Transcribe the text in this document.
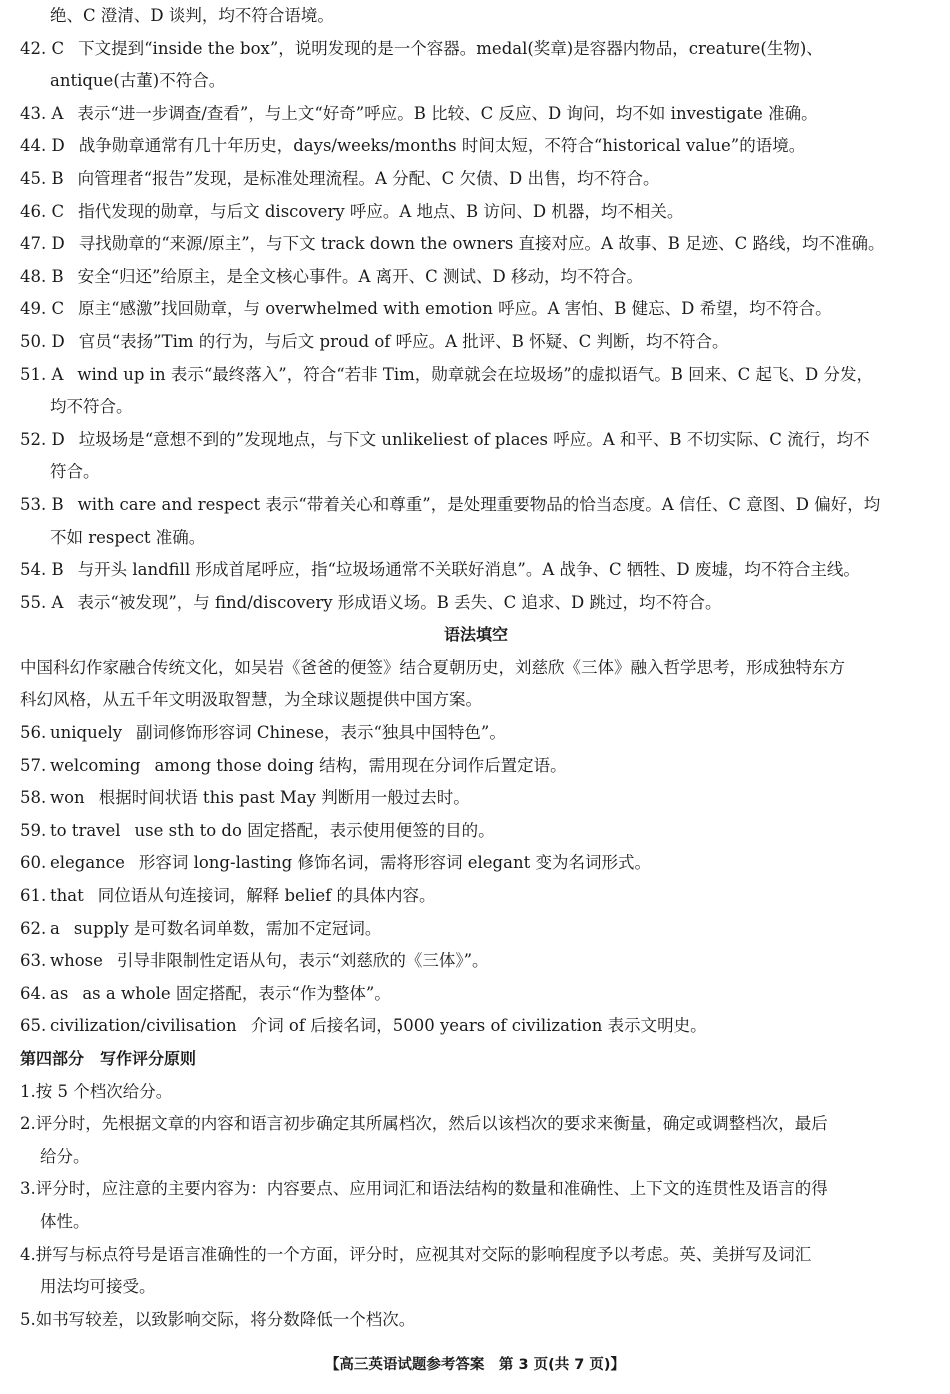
绝、C 澄清、D 谈判，均不符合语境。
42. C 下文提到“inside the box”，说明发现的是一个容器。medal(奖章)是容器内物品，creature(生物)、
antique(古董)不符合。
43. A 表示“进一步调查/查看”，与上文“好奇”呼应。B 比较、C 反应、D 询问，均不如 investigate 准确。
44. D 战争勋章通常有几十年历史，days/weeks/months 时间太短，不符合“historical value”的语境。
45. B 向管理者“报告”发现，是标准处理流程。A 分配、C 欠债、D 出售，均不符合。
46. C 指代发现的勋章，与后文 discovery 呼应。A 地点、B 访问、D 机器，均不相关。
47. D 寻找勋章的“来源/原主”，与下文 track down the owners 直接对应。A 故事、B 足迹、C 路线，均不准确。
48. B 安全“归还”给原主，是全文核心事件。A 离开、C 测试、D 移动，均不符合。
49. C 原主“感激”找回勋章，与 overwhelmed with emotion 呼应。A 害怕、B 健忘、D 希望，均不符合。
50. D 官员“表扬”Tim 的行为，与后文 proud of 呼应。A 批评、B 怀疑、C 判断，均不符合。
51. A wind up in 表示“最终落入”，符合“若非 Tim，勋章就会在垃圾场”的虚拟语气。B 回来、C 起飞、D 分发，
均不符合。
52. D 垃圾场是“意想不到的”发现地点，与下文 unlikeliest of places 呼应。A 和平、B 不切实际、C 流行，均不
符合。
53. B with care and respect 表示“带着关心和尊重”，是处理重要物品的恰当态度。A 信任、C 意图、D 偏好，均
不如 respect 准确。
54. B 与开头 landfill 形成首尾呼应，指“垃圾场通常不关联好消息”。A 战争、C 牺牲、D 废墟，均不符合主线。
55. A 表示“被发现”，与 find/discovery 形成语义场。B 丢失、C 追求、D 跳过，均不符合。
语法填空
中国科幻作家融合传统文化，如吴岩《爸爸的便签》结合夏朝历史，刘慈欣《三体》融入哲学思考，形成独特东方
科幻风格，从五千年文明汲取智慧，为全球议题提供中国方案。
56. uniquely 副词修饰形容词 Chinese，表示“独具中国特色”。
57. welcoming among those doing 结构，需用现在分词作后置定语。
58. won 根据时间状语 this past May 判断用一般过去时。
59. to travel use sth to do 固定搭配，表示使用便签的目的。
60. elegance 形容词 long-lasting 修饰名词，需将形容词 elegant 变为名词形式。
61. that 同位语从句连接词，解释 belief 的具体内容。
62. a supply 是可数名词单数，需加不定冠词。
63. whose 引导非限制性定语从句，表示“刘慈欣的《三体》”。
64. as as a whole 固定搭配，表示“作为整体”。
65. civilization/civilisation 介词 of 后接名词，5000 years of civilization 表示文明史。
第四部分　写作评分原则
1.按 5 个档次给分。
2.评分时，先根据文章的内容和语言初步确定其所属档次，然后以该档次的要求来衡量，确定或调整档次，最后
给分。
3.评分时，应注意的主要内容为：内容要点、应用词汇和语法结构的数量和准确性、上下文的连贯性及语言的得
体性。
4.拼写与标点符号是语言准确性的一个方面，评分时，应视其对交际的影响程度予以考虑。英、美拼写及词汇
用法均可接受。
5.如书写较差，以致影响交际，将分数降低一个档次。
【高三英语试题参考答案　第 3 页(共 7 页)】
